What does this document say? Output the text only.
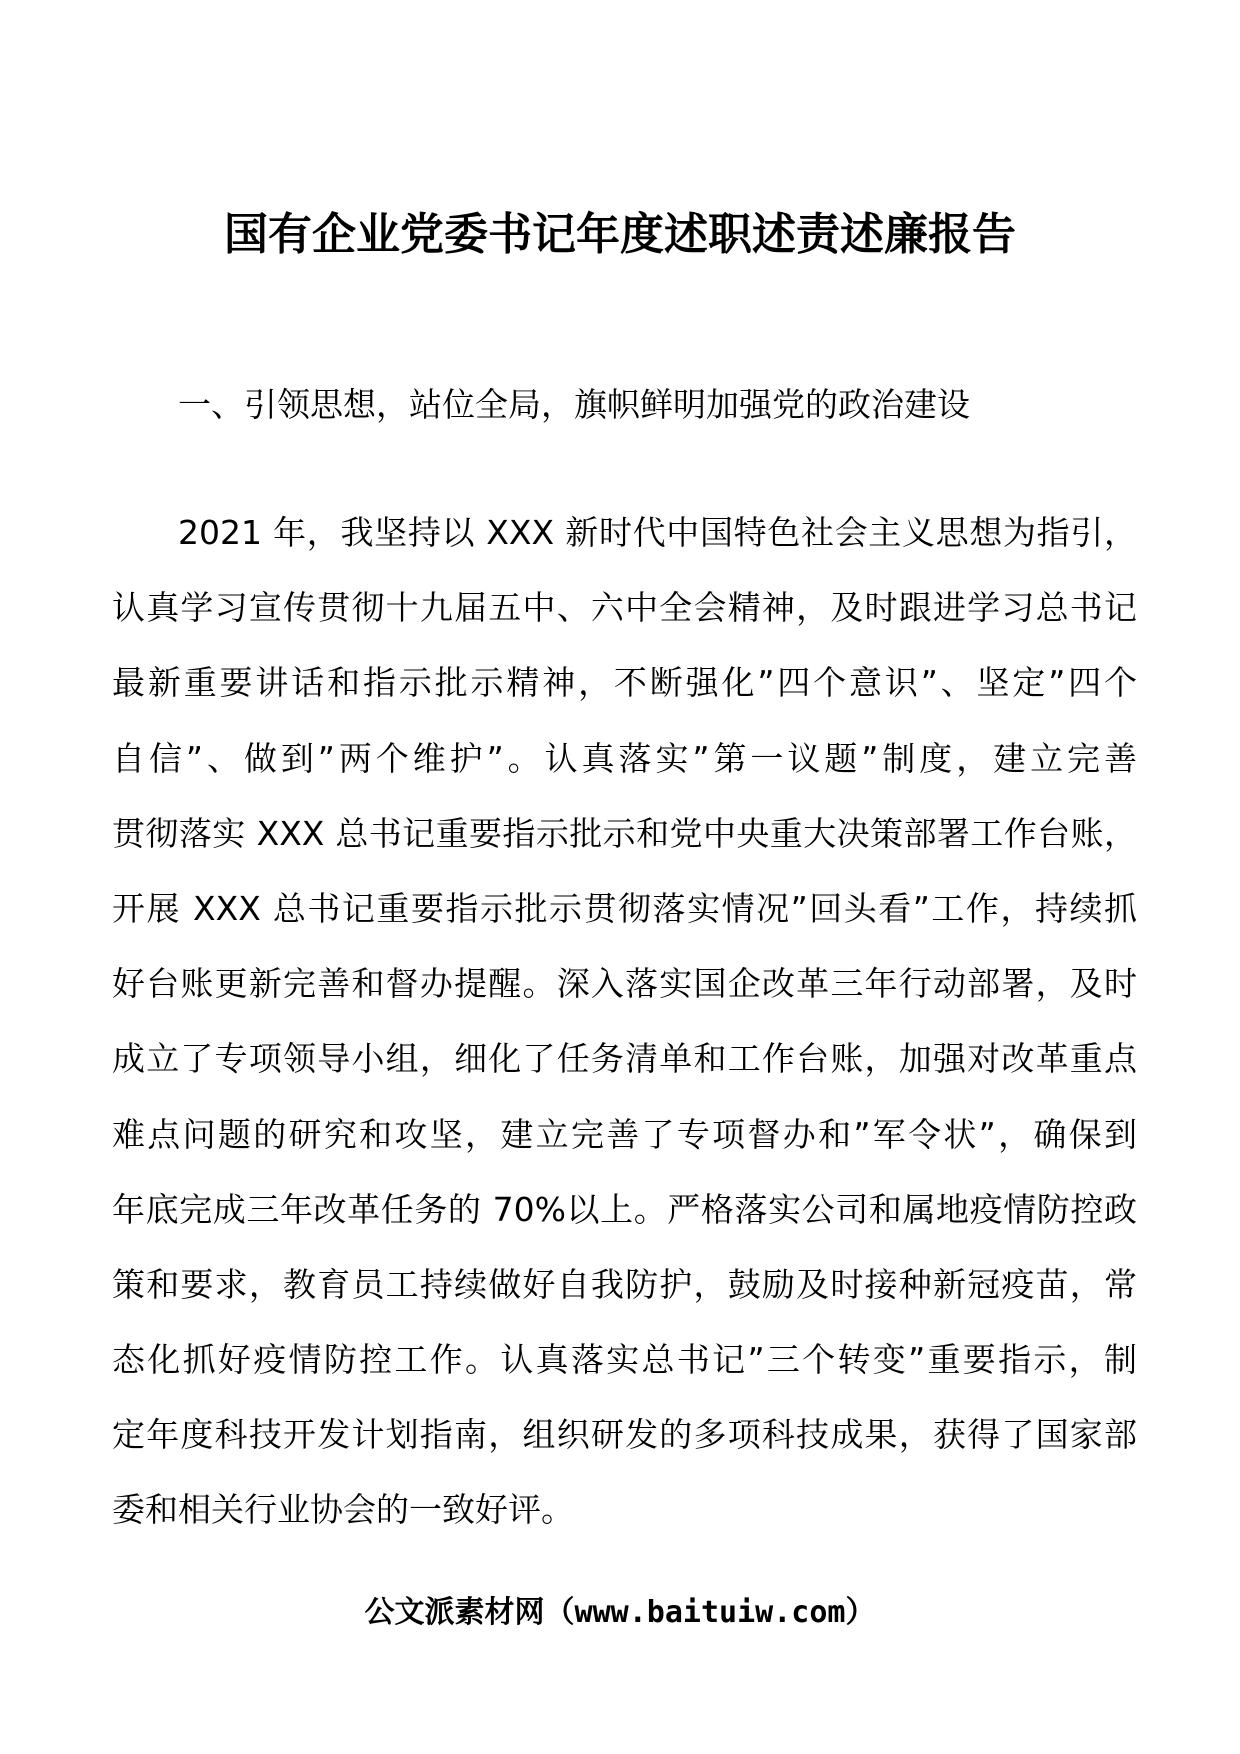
国有企业党委书记年度述职述责述廉报告
一、引领思想，站位全局，旗帜鲜明加强党的政治建设
2021 年，我坚持以 XXX 新时代中国特色社会主义思想为指引，
认真学习宣传贯彻十九届五中、六中全会精神，及时跟进学习总书记
最新重要讲话和指示批示精神，不断强化”四个意识”、坚定”四个
自信”、做到”两个维护”。认真落实”第一议题”制度，建立完善
贯彻落实 XXX 总书记重要指示批示和党中央重大决策部署工作台账，
开展 XXX 总书记重要指示批示贯彻落实情况”回头看”工作，持续抓
好台账更新完善和督办提醒。深入落实国企改革三年行动部署，及时
成立了专项领导小组，细化了任务清单和工作台账，加强对改革重点
难点问题的研究和攻坚，建立完善了专项督办和”军令状”，确保到
年底完成三年改革任务的 70%以上。严格落实公司和属地疫情防控政
策和要求，教育员工持续做好自我防护，鼓励及时接种新冠疫苗，常
态化抓好疫情防控工作。认真落实总书记”三个转变”重要指示，制
定年度科技开发计划指南，组织研发的多项科技成果，获得了国家部
委和相关行业协会的一致好评。
公文派素材网（www.baituiw.com）
